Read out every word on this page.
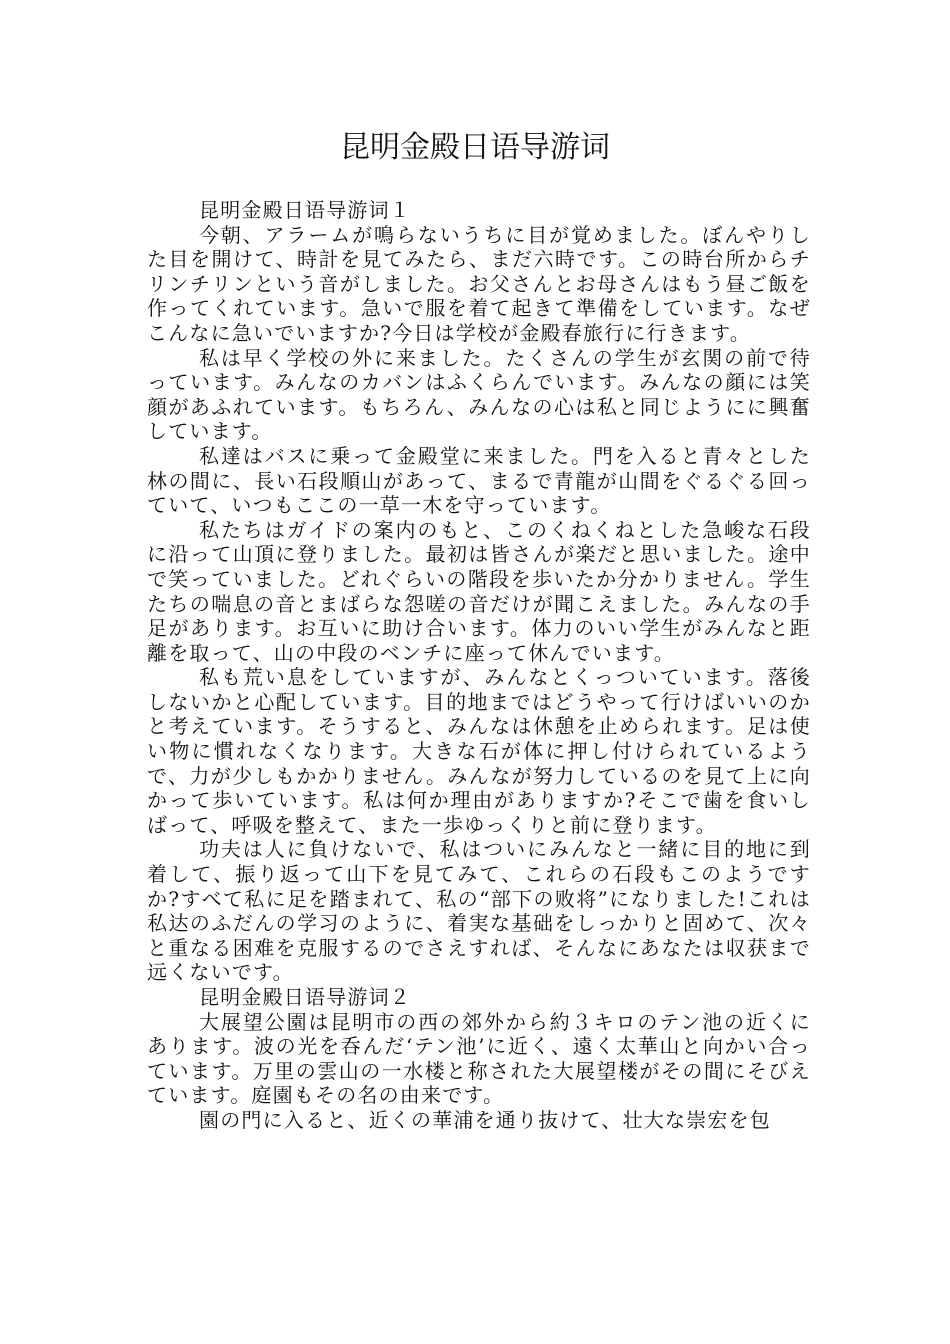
昆明金殿日语导游词

昆明金殿日语导游词１

今朝、アラームが鳴らないうちに目が覚めました。ぼんやりした目を開けて、時計を見てみたら、まだ六時です。この時台所からチリンチリンという音がしました。お父さんとお母さんはもう昼ご飯を作ってくれています。急いで服を着て起きて準備をしています。なぜこんなに急いでいますか?今日は学校が金殿春旅行に行きます。

私は早く学校の外に来ました。たくさんの学生が玄関の前で待っています。みんなのカバンはふくらんでいます。みんなの顔には笑顔があふれています。もちろん、みんなの心は私と同じようにに興奮しています。

私達はバスに乗って金殿堂に来ました。門を入ると青々とした林の間に、長い石段順山があって、まるで青龍が山間をぐるぐる回っていて、いつもここの一草一木を守っています。

私たちはガイドの案内のもと、このくねくねとした急峻な石段に沿って山頂に登りました。最初は皆さんが楽だと思いました。途中で笑っていました。どれぐらいの階段を歩いたか分かりません。学生たちの喘息の音とまばらな怨嗟の音だけが聞こえました。みんなの手足があります。お互いに助け合います。体力のいい学生がみんなと距離を取って、山の中段のベンチに座って休んでいます。

私も荒い息をしていますが、みんなとくっついています。落後しないかと心配しています。目的地まではどうやって行けばいいのかと考えています。そうすると、みんなは休憩を止められます。足は使い物に慣れなくなります。大きな石が体に押し付けられているようで、力が少しもかかりません。みんなが努力しているのを見て上に向かって歩いています。私は何か理由がありますか?そこで歯を食いしばって、呼吸を整えて、また一歩ゆっくりと前に登ります。

功夫は人に負けないで、私はついにみんなと一緒に目的地に到着して、振り返って山下を見てみて、これらの石段もこのようですか?すべて私に足を踏まれて、私の“部下の败将”になりました!これは私达のふだんの学习のように、着実な基础をしっかりと固めて、次々と重なる困难を克服するのでさえすれば、そんなにあなたは収获まで远くないです。

昆明金殿日语导游词２

大展望公園は昆明市の西の郊外から約３キロのテン池の近くにあります。波の光を呑んだ‘テン池’に近く、遠く太華山と向かい合っています。万里の雲山の一水楼と称された大展望楼がその間にそびえています。庭園もその名の由来です。

園の門に入ると、近くの華浦を通り抜けて、壮大な崇宏を包
